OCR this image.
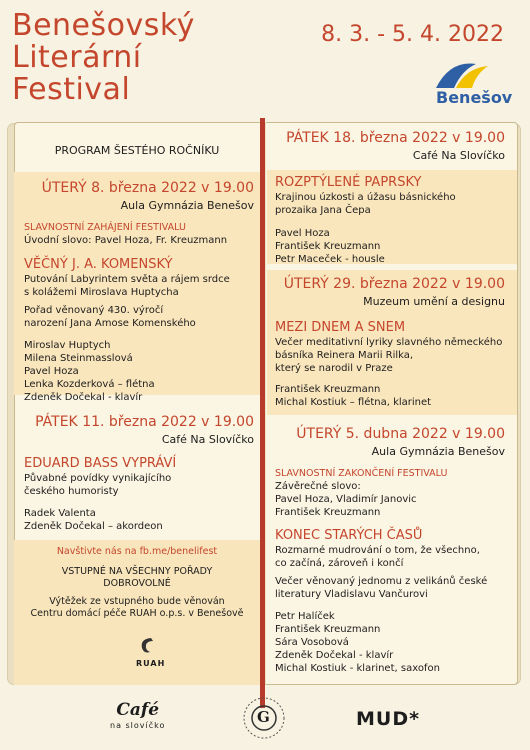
Benešovský
Literární
Festival
8. 3. - 5. 4. 2022
Benešov
PROGRAM ŠESTÉHO ROČNÍKU
ÚTERÝ 8. března 2022 v 19.00
Aula Gymnázia Benešov
SLAVNOSTNÍ ZAHÁJENÍ FESTIVALU
Úvodní slovo: Pavel Hoza, Fr. Kreuzmann
VĚČNÝ J. A. KOMENSKÝ
Putování Labyrintem světa a rájem srdce
s kolážemi Miroslava Huptycha
Pořad věnovaný 430. výročí
narození Jana Amose Komenského
Miroslav Huptych
Milena Steinmasslová
Pavel Hoza
Lenka Kozderková – flétna
Zdeněk Dočekal - klavír
PÁTEK 11. března 2022 v 19.00
Café Na Slovíčko
EDUARD BASS VYPRÁVÍ
Půvabné povídky vynikajícího
českého humoristy
Radek Valenta
Zdeněk Dočekal – akordeon
Navštivte nás na fb.me/benelifest
VSTUPNÉ NA VŠECHNY POŘADY
DOBROVOLNÉ
Výtěžek ze vstupného bude věnován
Centru domácí péče RUAH o.p.s. v Benešově
RUAH
PÁTEK 18. března 2022 v 19.00
Café Na Slovíčko
ROZPTÝLENÉ PAPRSKY
Krajinou úzkosti a úžasu básnického
prozaika Jana Čepa
Pavel Hoza
František Kreuzmann
Petr Maceček - housle
ÚTERÝ 29. března 2022 v 19.00
Muzeum umění a designu
MEZI DNEM A SNEM
Večer meditativní lyriky slavného německého
básníka Reinera Marii Rilka,
který se narodil v Praze
František Kreuzmann
Michal Kostiuk – flétna, klarinet
ÚTERÝ 5. dubna 2022 v 19.00
Aula Gymnázia Benešov
SLAVNOSTNÍ ZAKONČENÍ FESTIVALU
Závěrečné slovo:
Pavel Hoza, Vladimír Janovic
František Kreuzmann
KONEC STARÝCH ČASŮ
Rozmarné mudrování o tom, že všechno,
co začíná, zároveň i končí
Večer věnovaný jednomu z velikánů české
literatury Vladislavu Vančurovi
Petr Halíček
František Kreuzmann
Sára Vosobová
Zdeněk Dočekal - klavír
Michal Kostiuk - klarinet, saxofon
Café
na slovíčko	G	MUD*
